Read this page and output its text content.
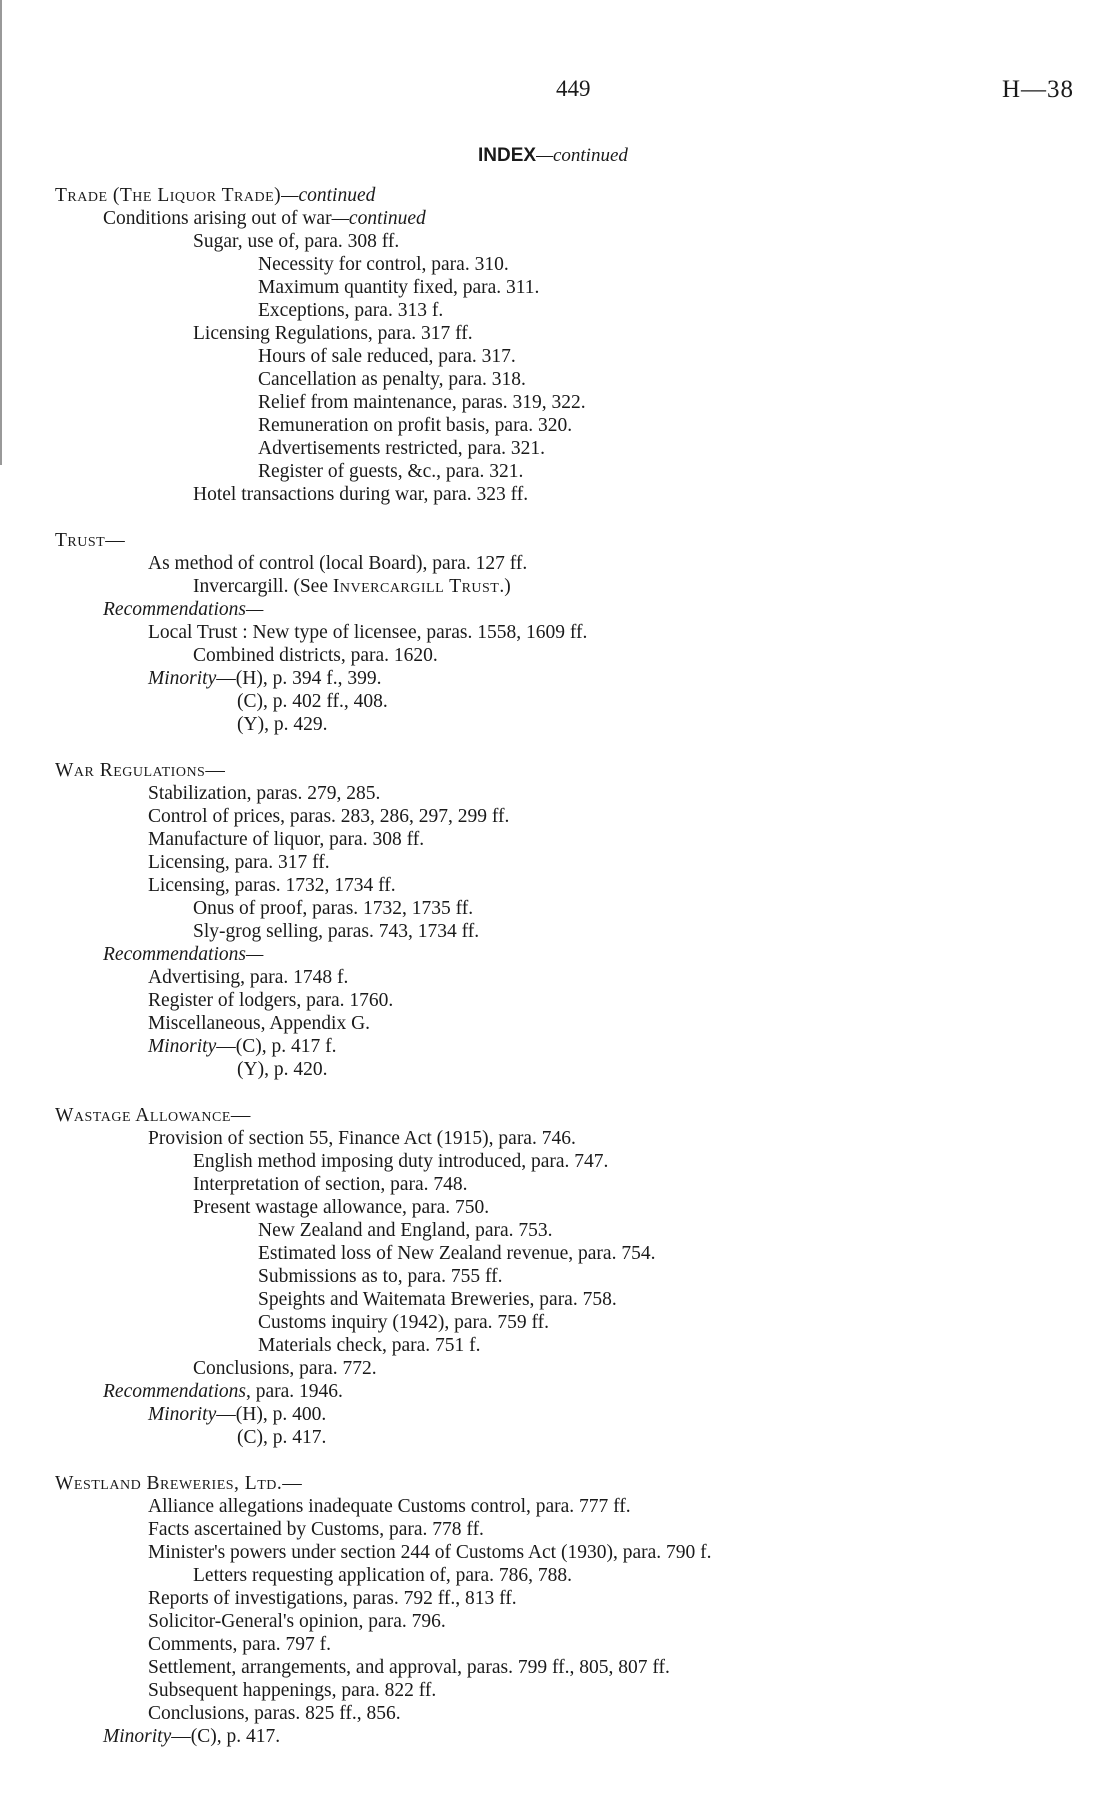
449	H—38
INDEX—continued
Trade (The Liquor Trade)—continued
Conditions arising out of war—continued
Sugar, use of, para. 308 ff.
Necessity for control, para. 310.
Maximum quantity fixed, para. 311.
Exceptions, para. 313 f.
Licensing Regulations, para. 317 ff.
Hours of sale reduced, para. 317.
Cancellation as penalty, para. 318.
Relief from maintenance, paras. 319, 322.
Remuneration on profit basis, para. 320.
Advertisements restricted, para. 321.
Register of guests, &c., para. 321.
Hotel transactions during war, para. 323 ff.
Trust—
As method of control (local Board), para. 127 ff.
Invercargill. (See Invercargill Trust.)
Recommendations—
Local Trust : New type of licensee, paras. 1558, 1609 ff.
Combined districts, para. 1620.
Minority—(H), p. 394 f., 399.
(C), p. 402 ff., 408.
(Y), p. 429.
War Regulations—
Stabilization, paras. 279, 285.
Control of prices, paras. 283, 286, 297, 299 ff.
Manufacture of liquor, para. 308 ff.
Licensing, para. 317 ff.
Licensing, paras. 1732, 1734 ff.
Onus of proof, paras. 1732, 1735 ff.
Sly-grog selling, paras. 743, 1734 ff.
Recommendations—
Advertising, para. 1748 f.
Register of lodgers, para. 1760.
Miscellaneous, Appendix G.
Minority—(C), p. 417 f.
(Y), p. 420.
Wastage Allowance—
Provision of section 55, Finance Act (1915), para. 746.
English method imposing duty introduced, para. 747.
Interpretation of section, para. 748.
Present wastage allowance, para. 750.
New Zealand and England, para. 753.
Estimated loss of New Zealand revenue, para. 754.
Submissions as to, para. 755 ff.
Speights and Waitemata Breweries, para. 758.
Customs inquiry (1942), para. 759 ff.
Materials check, para. 751 f.
Conclusions, para. 772.
Recommendations, para. 1946.
Minority—(H), p. 400.
(C), p. 417.
Westland Breweries, Ltd.—
Alliance allegations inadequate Customs control, para. 777 ff.
Facts ascertained by Customs, para. 778 ff.
Minister's powers under section 244 of Customs Act (1930), para. 790 f.
Letters requesting application of, para. 786, 788.
Reports of investigations, paras. 792 ff., 813 ff.
Solicitor-General's opinion, para. 796.
Comments, para. 797 f.
Settlement, arrangements, and approval, paras. 799 ff., 805, 807 ff.
Subsequent happenings, para. 822 ff.
Conclusions, paras. 825 ff., 856.
Minority—(C), p. 417.
